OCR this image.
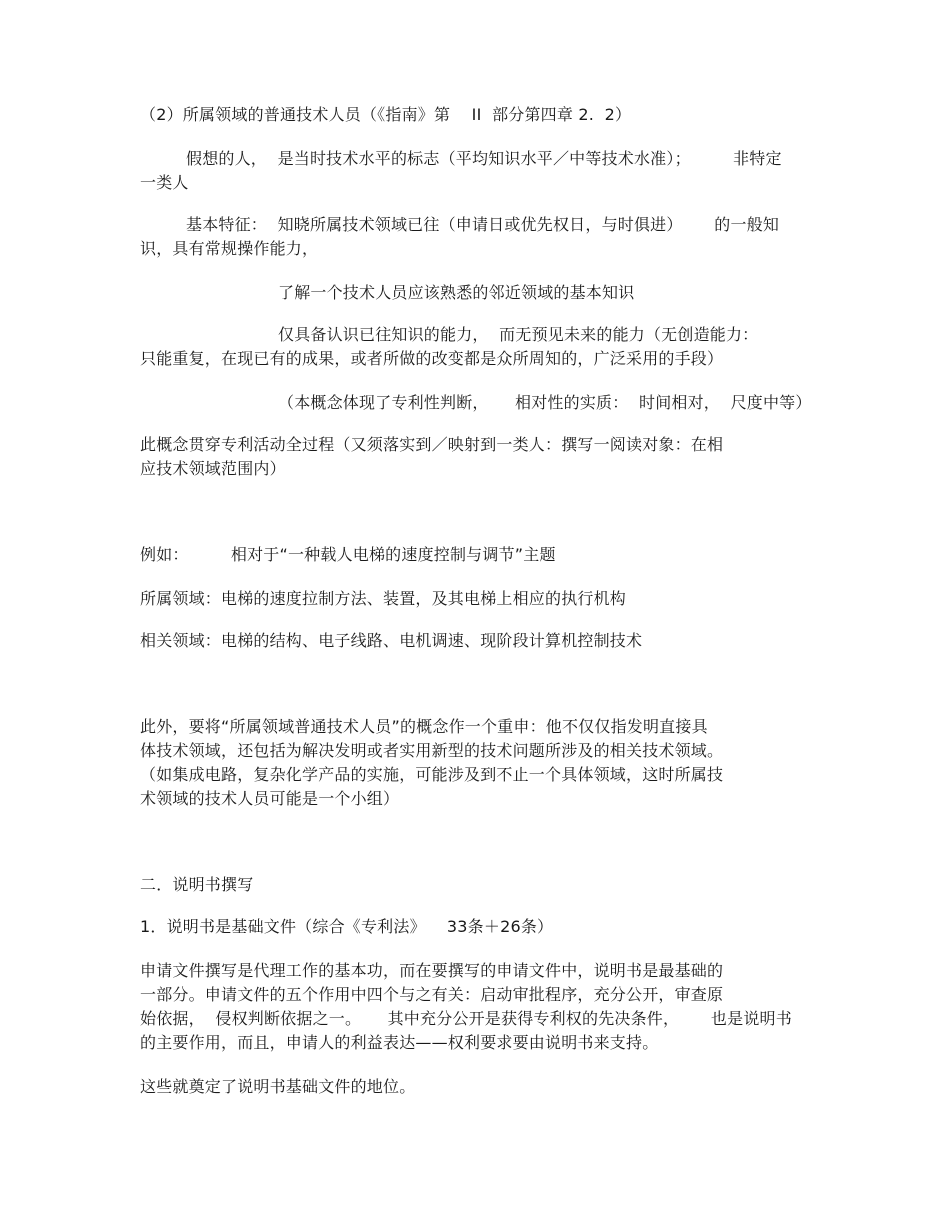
（2）所属领域的普通技术人员（《指南》第　 II  部分第四章 2.  2）
假想的人，  是当时技术水平的标志（平均知识水平／中等技术水准）；        非特定
一类人
基本特征：  知晓所属技术领域已往（申请日或优先权日，与时俱进）      的一般知
识，具有常规操作能力，
了解一个技术人员应该熟悉的邻近领域的基本知识
仅具备认识已往知识的能力，  而无预见未来的能力（无创造能力：
只能重复，在现已有的成果，或者所做的改变都是众所周知的，广泛采用的手段）
（本概念体现了专利性判断，     相对性的实质：  时间相对，  尺度中等）
此概念贯穿专利活动全过程（又须落实到／映射到一类人：撰写一阅读对象：在相
应技术领域范围内）
例如：        相对于“一种载人电梯的速度控制与调节”主题
所属领域：电梯的速度拉制方法、装置，及其电梯上相应的执行机构
相关领域：电梯的结构、电子线路、电机调速、现阶段计算机控制技术
此外，要将“所属领域普通技术人员”的概念作一个重申：他不仅仅指发明直接具
体技术领域，还包括为解决发明或者实用新型的技术问题所涉及的相关技术领域。
（如集成电路，复杂化学产品的实施，可能涉及到不止一个具体领域，这时所属技
术领域的技术人员可能是一个小组）
二．说明书撰写
1．说明书是基础文件（综合《专利法》    33条＋26条）
申请文件撰写是代理工作的基本功，而在要撰写的申请文件中，说明书是最基础的
一部分。申请文件的五个作用中四个与之有关：启动审批程序，充分公开，审查原
始依据，  侵权判断依据之一。     其中充分公开是获得专利权的先决条件，      也是说明书
的主要作用，而且，申请人的利益表达——权利要求要由说明书来支持。
这些就奠定了说明书基础文件的地位。
